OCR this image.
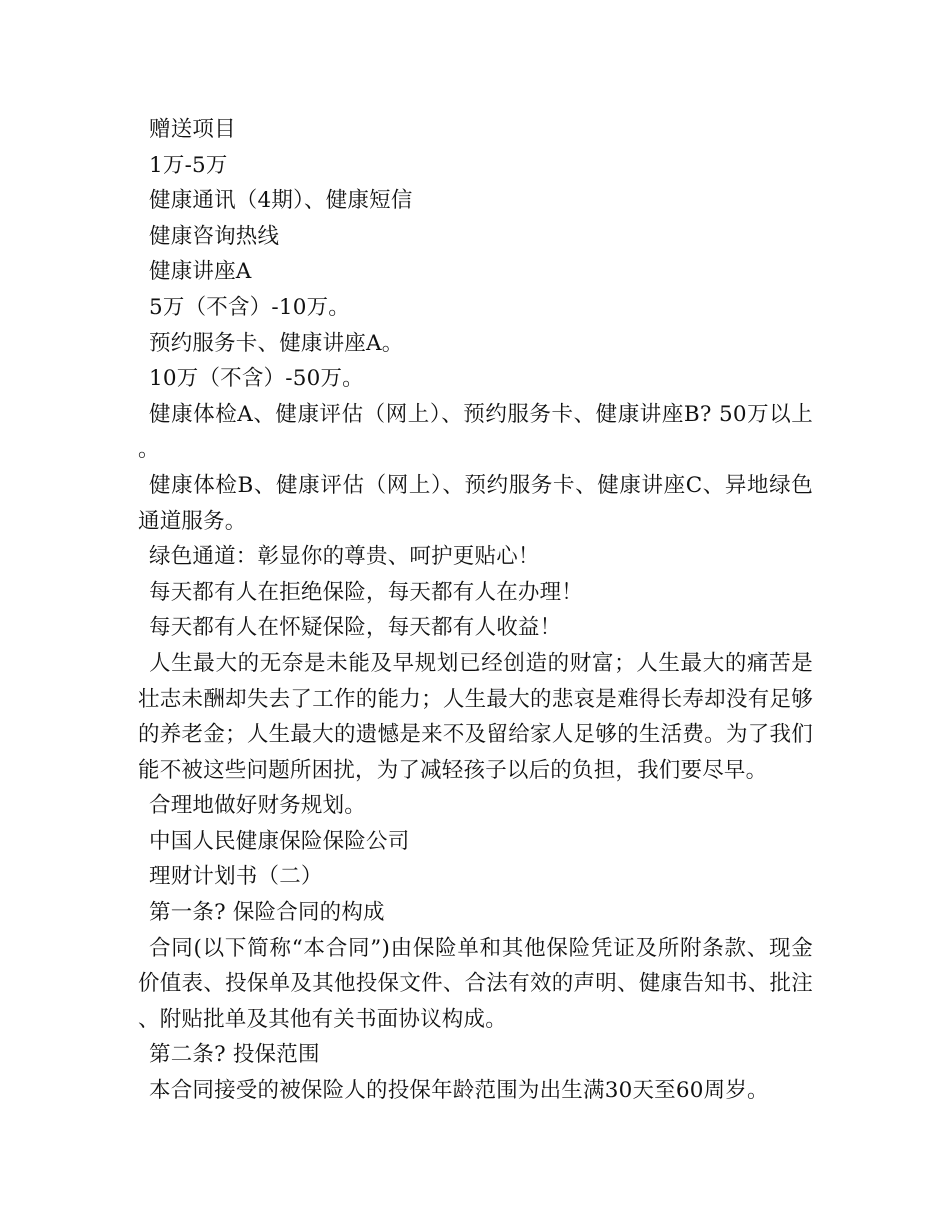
赠送项目

1万-5万

健康通讯（4期）、健康短信

健康咨询热线

健康讲座A

5万（不含）-10万。

预约服务卡、健康讲座A。

10万（不含）-50万。

健康体检A、健康评估（网上）、预约服务卡、健康讲座B? 50万以上。

健康体检B、健康评估（网上）、预约服务卡、健康讲座C、异地绿色通道服务。

绿色通道：彰显你的尊贵、呵护更贴心！

每天都有人在拒绝保险，每天都有人在办理！

每天都有人在怀疑保险，每天都有人收益！

人生最大的无奈是未能及早规划已经创造的财富；人生最大的痛苦是壮志未酬却失去了工作的能力；人生最大的悲哀是难得长寿却没有足够的养老金；人生最大的遗憾是来不及留给家人足够的生活费。为了我们能不被这些问题所困扰，为了减轻孩子以后的负担，我们要尽早。

合理地做好财务规划。

中国人民健康保险保险公司

理财计划书（二）

第一条? 保险合同的构成

合同(以下简称“本合同”)由保险单和其他保险凭证及所附条款、现金价值表、投保单及其他投保文件、合法有效的声明、健康告知书、批注、附贴批单及其他有关书面协议构成。

第二条? 投保范围

本合同接受的被保险人的投保年龄范围为出生满30天至60周岁。
